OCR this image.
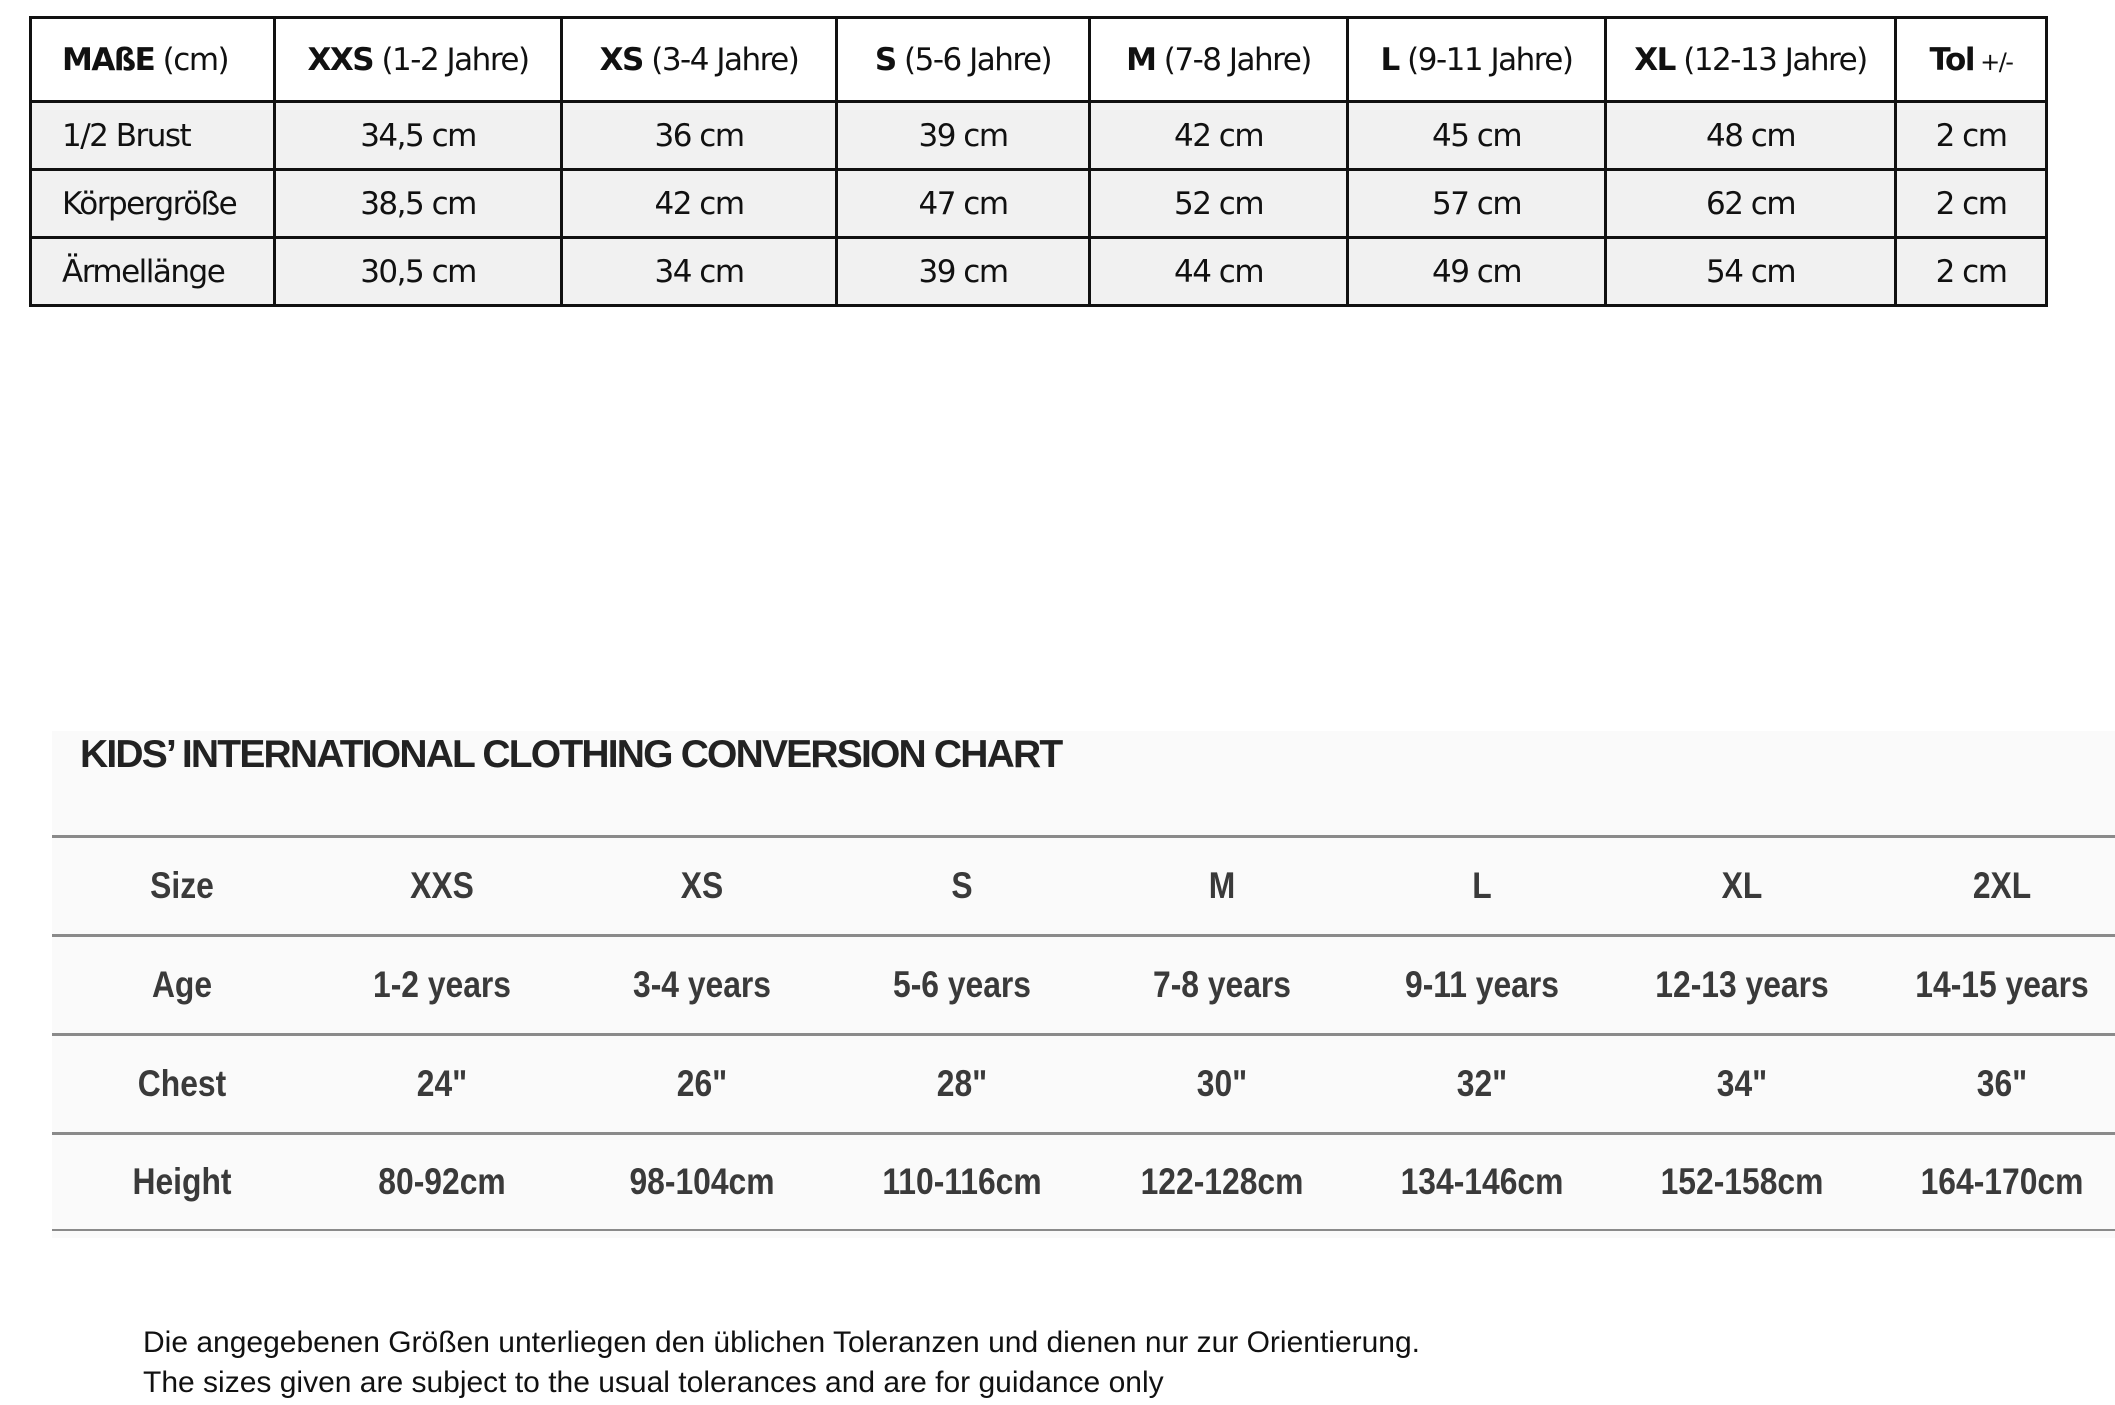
MAßE (cm)	XXS (1-2 Jahre)	XS (3-4 Jahre)	S (5-6 Jahre)	M (7-8 Jahre)	L (9-11 Jahre)	XL (12-13 Jahre)	Tol +/-
1/2 Brust	34,5 cm	36 cm	39 cm	42 cm	45 cm	48 cm	2 cm
Körpergröße	38,5 cm	42 cm	47 cm	52 cm	57 cm	62 cm	2 cm
Ärmellänge	30,5 cm	34 cm	39 cm	44 cm	49 cm	54 cm	2 cm
KIDS’ INTERNATIONAL CLOTHING CONVERSION CHART
Size	XXS	XS	S	M	L	XL	2XL
Age	1-2 years	3-4 years	5-6 years	7-8 years	9-11 years	12-13 years	14-15 years
Chest	24"	26"	28"	30"	32"	34"	36"
Height	80-92cm	98-104cm	110-116cm	122-128cm	134-146cm	152-158cm	164-170cm
Die angegebenen Größen unterliegen den üblichen Toleranzen und dienen nur zur Orientierung.
The sizes given are subject to the usual tolerances and are for guidance only
